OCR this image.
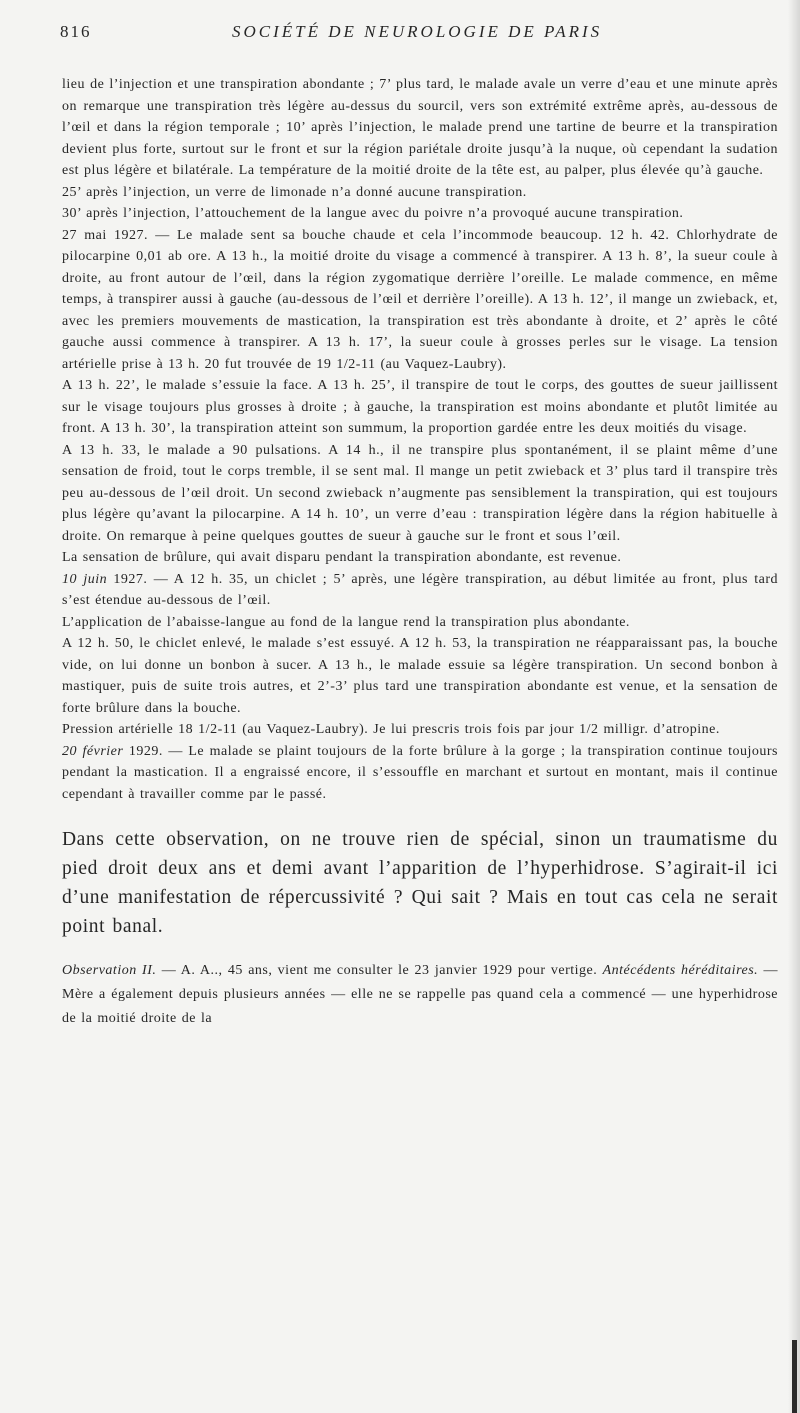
816	SOCIÉTÉ DE NEUROLOGIE DE PARIS

lieu de l’injection et une transpiration abondante ; 7’ plus tard, le malade avale un verre d’eau et une minute après on remarque une transpiration très légère au-dessus du sourcil, vers son extrémité extrême après, au-dessous de l’œil et dans la région temporale ; 10’ après l’injection, le malade prend une tartine de beurre et la transpiration devient plus forte, surtout sur le front et sur la région pariétale droite jusqu’à la nuque, où cependant la sudation est plus légère et bilatérale. La température de la moitié droite de la tête est, au palper, plus élevée qu’à gauche.

25’ après l’injection, un verre de limonade n’a donné aucune transpiration.

30’ après l’injection, l’attouchement de la langue avec du poivre n’a provoqué aucune transpiration.

27 mai 1927. — Le malade sent sa bouche chaude et cela l’incommode beaucoup. 12 h. 42. Chlorhydrate de pilocarpine 0,01 ab ore. A 13 h., la moitié droite du visage a commencé à transpirer. A 13 h. 8’, la sueur coule à droite, au front autour de l’œil, dans la région zygomatique derrière l’oreille. Le malade commence, en même temps, à transpirer aussi à gauche (au-dessous de l’œil et derrière l’oreille). A 13 h. 12’, il mange un zwieback, et, avec les premiers mouvements de mastication, la transpiration est très abondante à droite, et 2’ après le côté gauche aussi commence à transpirer. A 13 h. 17’, la sueur coule à grosses perles sur le visage. La tension artérielle prise à 13 h. 20 fut trouvée de 19 1/2-11 (au Vaquez-Laubry).

A 13 h. 22’, le malade s’essuie la face. A 13 h. 25’, il transpire de tout le corps, des gouttes de sueur jaillissent sur le visage toujours plus grosses à droite ; à gauche, la transpiration est moins abondante et plutôt limitée au front. A 13 h. 30’, la transpiration atteint son summum, la proportion gardée entre les deux moitiés du visage.

A 13 h. 33, le malade a 90 pulsations. A 14 h., il ne transpire plus spontanément, il se plaint même d’une sensation de froid, tout le corps tremble, il se sent mal. Il mange un petit zwieback et 3’ plus tard il transpire très peu au-dessous de l’œil droit. Un second zwieback n’augmente pas sensiblement la transpiration, qui est toujours plus légère qu’avant la pilocarpine. A 14 h. 10’, un verre d’eau : transpiration légère dans la région habituelle à droite. On remarque à peine quelques gouttes de sueur à gauche sur le front et sous l’œil.

La sensation de brûlure, qui avait disparu pendant la transpiration abondante, est revenue.

10 juin 1927. — A 12 h. 35, un chiclet ; 5’ après, une légère transpiration, au début limitée au front, plus tard s’est étendue au-dessous de l’œil.

L’application de l’abaisse-langue au fond de la langue rend la transpiration plus abondante.

A 12 h. 50, le chiclet enlevé, le malade s’est essuyé. A 12 h. 53, la transpiration ne réapparaissant pas, la bouche vide, on lui donne un bonbon à sucer. A 13 h., le malade essuie sa légère transpiration. Un second bonbon à mastiquer, puis de suite trois autres, et 2’-3’ plus tard une transpiration abondante est venue, et la sensation de forte brûlure dans la bouche.

Pression artérielle 18 1/2-11 (au Vaquez-Laubry). Je lui prescris trois fois par jour 1/2 milligr. d’atropine.

20 février 1929. — Le malade se plaint toujours de la forte brûlure à la gorge ; la transpiration continue toujours pendant la mastication. Il a engraissé encore, il s’essouffle en marchant et surtout en montant, mais il continue cependant à travailler comme par le passé.

Dans cette observation, on ne trouve rien de spécial, sinon un traumatisme du pied droit deux ans et demi avant l’apparition de l’hyperhidrose. S’agirait-il ici d’une manifestation de répercussivité ? Qui sait ? Mais en tout cas cela ne serait point banal.

Observation II. — A. A.., 45 ans, vient me consulter le 23 janvier 1929 pour vertige. Antécédents héréditaires. — Mère a également depuis plusieurs années — elle ne se rappelle pas quand cela a commencé — une hyperhidrose de la moitié droite de la
